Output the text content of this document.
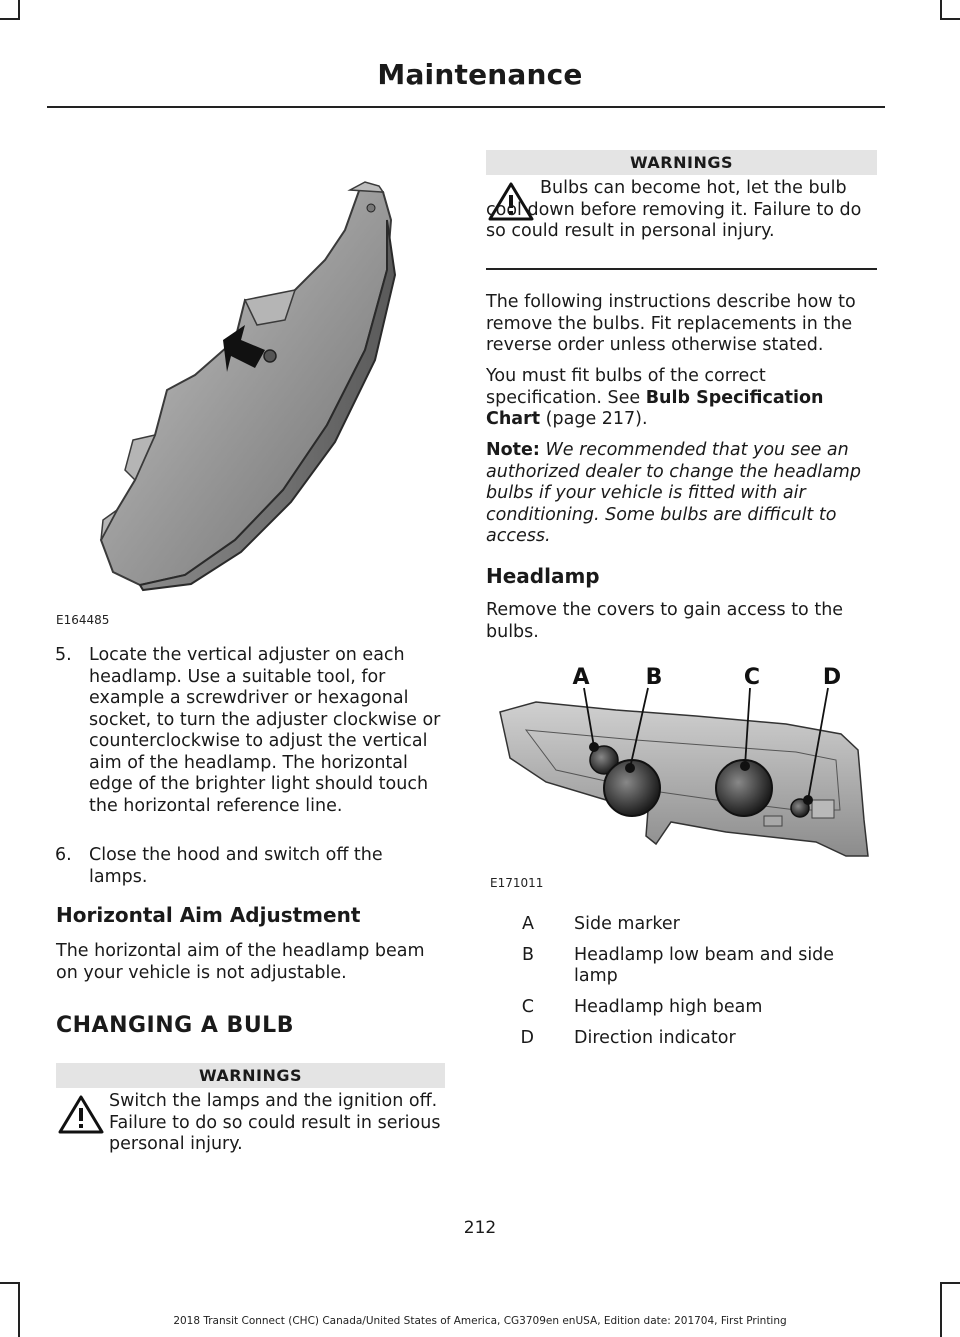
Maintenance
E164485
5. Locate the vertical adjuster on each headlamp. Use a suitable tool, for example a screwdriver or hexagonal socket, to turn the adjuster clockwise or counterclockwise to adjust the vertical aim of the headlamp. The horizontal edge of the brighter light should touch the horizontal reference line.
6. Close the hood and switch off the lamps.
Horizontal Aim Adjustment
The horizontal aim of the headlamp beam on your vehicle is not adjustable.
CHANGING A BULB
WARNINGS
Switch the lamps and the ignition off. Failure to do so could result in serious personal injury.
WARNINGS
Bulbs can become hot, let the bulb cool down before removing it. Failure to do so could result in personal injury.
The following instructions describe how to remove the bulbs. Fit replacements in the reverse order unless otherwise stated.
You must fit bulbs of the correct specification. See Bulb Specification Chart (page 217).
Note: We recommended that you see an authorized dealer to change the headlamp bulbs if your vehicle is fitted with air conditioning. Some bulbs are difficult to access.
Headlamp
Remove the covers to gain access to the bulbs.
A	B	C	D
E171011
A Side marker
B Headlamp low beam and side lamp
C Headlamp high beam
D Direction indicator
212
2018 Transit Connect (CHC) Canada/United States of America, CG3709en enUSA, Edition date: 201704, First Printing
